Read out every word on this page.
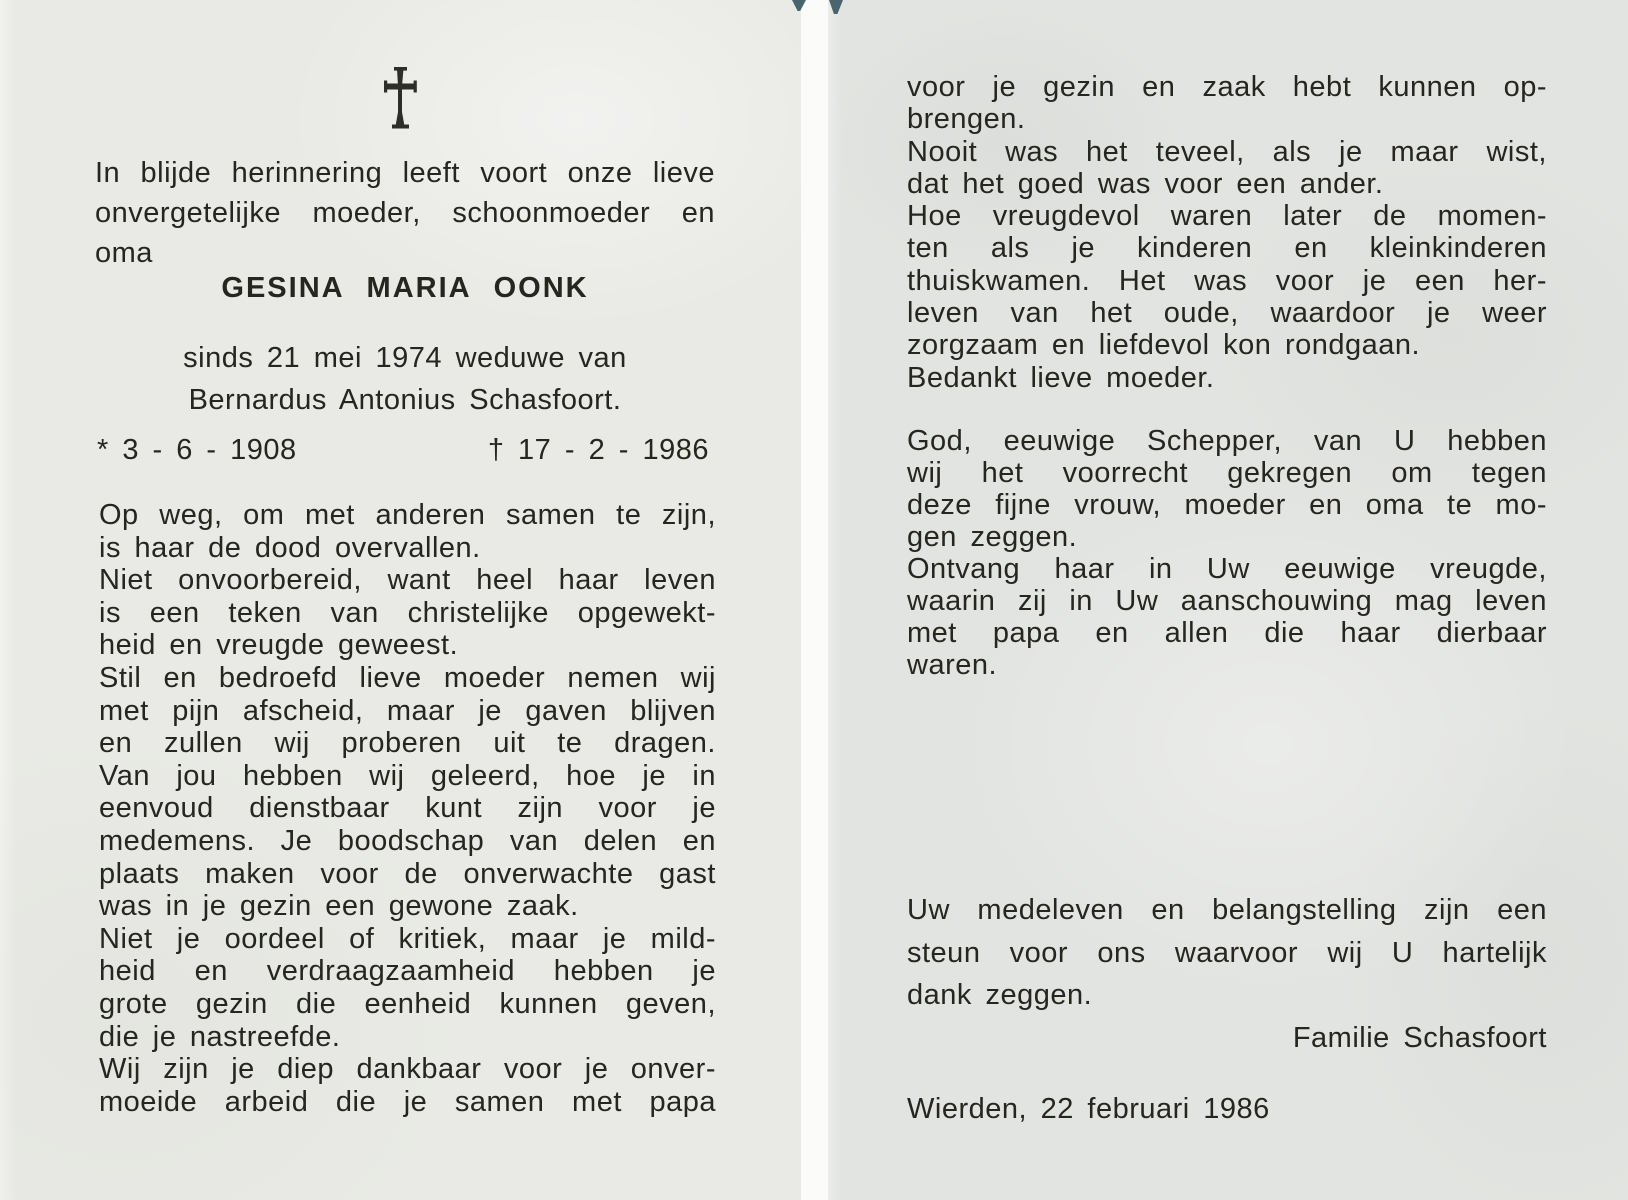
In blijde herinnering leeft voort onze lieve
onvergetelijke moeder, schoonmoeder en
oma
GESINA MARIA OONK
sinds 21 mei 1974 weduwe van
Bernardus Antonius Schasfoort.
* 3 - 6 - 1908	† 17 - 2 - 1986
Op weg, om met anderen samen te zijn,
is haar de dood overvallen.
Niet onvoorbereid, want heel haar leven
is een teken van christelijke opgewekt-
heid en vreugde geweest.
Stil en bedroefd lieve moeder nemen wij
met pijn afscheid, maar je gaven blijven
en zullen wij proberen uit te dragen.
Van jou hebben wij geleerd, hoe je in
eenvoud dienstbaar kunt zijn voor je
medemens. Je boodschap van delen en
plaats maken voor de onverwachte gast
was in je gezin een gewone zaak.
Niet je oordeel of kritiek, maar je mild-
heid en verdraagzaamheid hebben je
grote gezin die eenheid kunnen geven,
die je nastreefde.
Wij zijn je diep dankbaar voor je onver-
moeide arbeid die je samen met papa
voor je gezin en zaak hebt kunnen op-
brengen.
Nooit was het teveel, als je maar wist,
dat het goed was voor een ander.
Hoe vreugdevol waren later de momen-
ten als je kinderen en kleinkinderen
thuiskwamen. Het was voor je een her-
leven van het oude, waardoor je weer
zorgzaam en liefdevol kon rondgaan.
Bedankt lieve moeder.
God, eeuwige Schepper, van U hebben
wij het voorrecht gekregen om tegen
deze fijne vrouw, moeder en oma te mo-
gen zeggen.
Ontvang haar in Uw eeuwige vreugde,
waarin zij in Uw aanschouwing mag leven
met papa en allen die haar dierbaar
waren.
Uw medeleven en belangstelling zijn een
steun voor ons waarvoor wij U hartelijk
dank zeggen.
Familie Schasfoort
Wierden, 22 februari 1986
